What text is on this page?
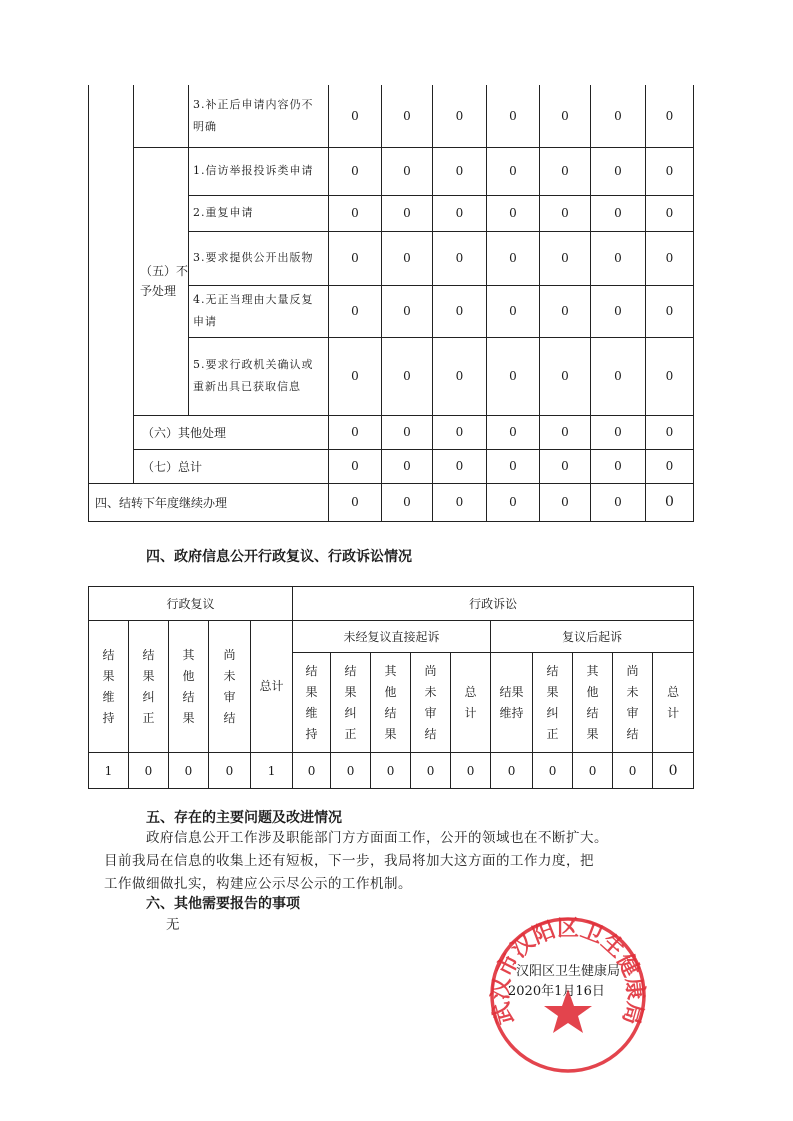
		3.补正后申请内容仍不明确	0	0	0	0	0	0	0
	（五）不予处理	1.信访举报投诉类申请	0	0	0	0	0	0	0
		2.重复申请	0	0	0	0	0	0	0
		3.要求提供公开出版物	0	0	0	0	0	0	0
		4.无正当理由大量反复申请	0	0	0	0	0	0	0
		5.要求行政机关确认或重新出具已获取信息	0	0	0	0	0	0	0
	（六）其他处理		0	0	0	0	0	0	0
	（七）总计		0	0	0	0	0	0	0
四、结转下年度继续办理			0	0	0	0	0	0	0
四、政府信息公开行政复议、行政诉讼情况
行政复议					行政诉讼									
结果维持	结果纠正	其他结果	尚未审结	总计	未经复议直接起诉					复议后起诉				
					结果维持	结果纠正	其他结果	尚未审结	总计	结果维持	结果纠正	其他结果	尚未审结	总计
1	0	0	0	1	0	0	0	0	0	0	0	0	0	0
五、存在的主要问题及改进情况
政府信息公开工作涉及职能部门方方面面工作，公开的领域也在不断扩大。
目前我局在信息的收集上还有短板，下一步，我局将加大这方面的工作力度，把
工作做细做扎实，构建应公示尽公示的工作机制。
六、其他需要报告的事项
无
武汉市汉阳区卫生健康局
汉阳区卫生健康局
2020年1月16日
